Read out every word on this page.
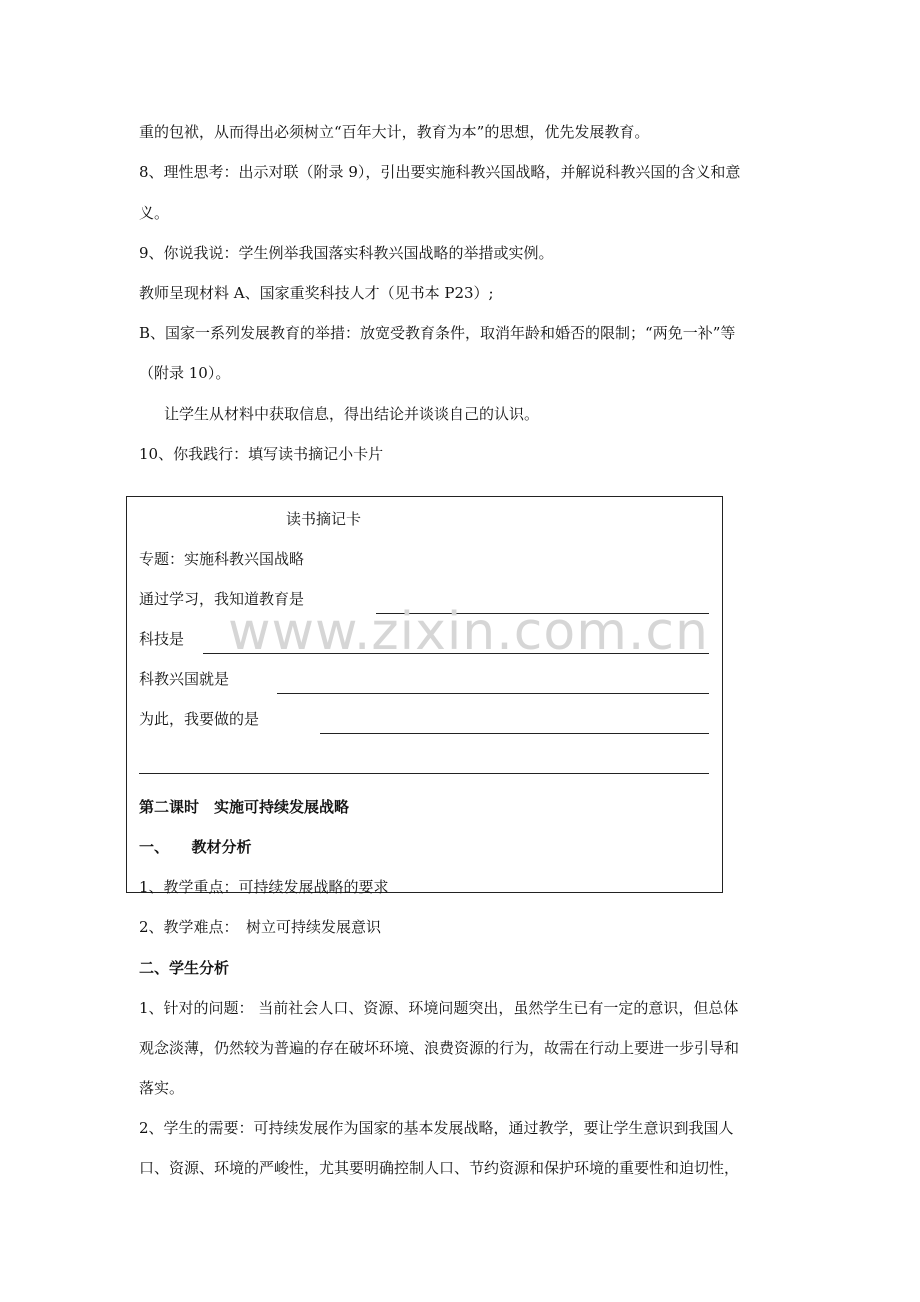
重的包袱，从而得出必须树立“百年大计，教育为本”的思想，优先发展教育。
8、理性思考：出示对联（附录 9），引出要实施科教兴国战略，并解说科教兴国的含义和意
义。
9、你说我说：学生例举我国落实科教兴国战略的举措或实例。
教师呈现材料 A、国家重奖科技人才（见书本 P23）;
B、国家一系列发展教育的举措：放宽受教育条件，取消年龄和婚否的限制；“两免一补”等
（附录 10）。
让学生从材料中获取信息，得出结论并谈谈自己的认识。
10、你我践行：填写读书摘记小卡片
读书摘记卡
专题：实施科教兴国战略
通过学习，我知道教育是
科技是
科教兴国就是
为此，我要做的是
第二课时　实施可持续发展战略
一、　　教材分析
1、教学重点：可持续发展战略的要求
2、教学难点：　树立可持续发展意识
二、学生分析
1、针对的问题： 当前社会人口、资源、环境问题突出，虽然学生已有一定的意识，但总体
观念淡薄，仍然较为普遍的存在破坏环境、浪费资源的行为，故需在行动上要进一步引导和
落实。
2、学生的需要：可持续发展作为国家的基本发展战略，通过教学，要让学生意识到我国人
口、资源、环境的严峻性，尤其要明确控制人口、节约资源和保护环境的重要性和迫切性，
www.zixin.com.cn
